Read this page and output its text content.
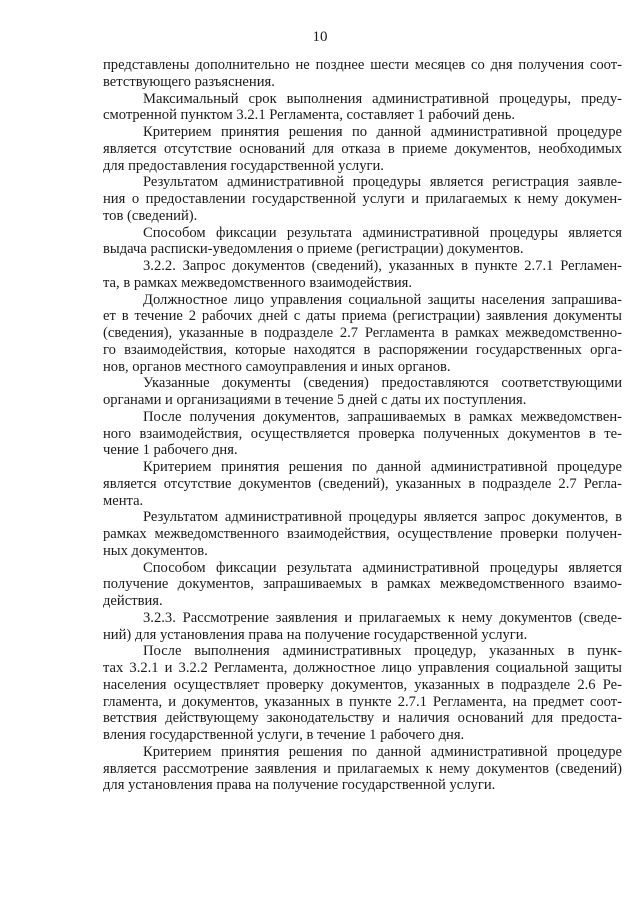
10

представлены дополнительно не позднее шести месяцев со дня получения соот-
ветствующего разъяснения.

Максимальный срок выполнения административной процедуры, преду-
смотренной пунктом 3.2.1 Регламента, составляет 1 рабочий день.

Критерием принятия решения по данной административной процедуре
является отсутствие оснований для отказа в приеме документов, необходимых
для предоставления государственной услуги.

Результатом административной процедуры является регистрация заявле-
ния о предоставлении государственной услуги и прилагаемых к нему докумен-
тов (сведений).

Способом фиксации результата административной процедуры является
выдача расписки-уведомления о приеме (регистрации) документов.

3.2.2. Запрос документов (сведений), указанных в пункте 2.7.1 Регламен-
та, в рамках межведомственного взаимодействия.

Должностное лицо управления социальной защиты населения запрашива-
ет в течение 2 рабочих дней с даты приема (регистрации) заявления документы
(сведения), указанные в подразделе 2.7 Регламента в рамках межведомственно-
го взаимодействия, которые находятся в распоряжении государственных орга-
нов, органов местного самоуправления и иных органов.

Указанные документы (сведения) предоставляются соответствующими
органами и организациями в течение 5 дней с даты их поступления.

После получения документов, запрашиваемых в рамках межведомствен-
ного взаимодействия, осуществляется проверка полученных документов в те-
чение 1 рабочего дня.

Критерием принятия решения по данной административной процедуре
является отсутствие документов (сведений), указанных в подразделе 2.7 Регла-
мента.

Результатом административной процедуры является запрос документов, в
рамках межведомственного взаимодействия, осуществление проверки получен-
ных документов.

Способом фиксации результата административной процедуры является
получение документов, запрашиваемых в рамках межведомственного взаимо-
действия.

3.2.3. Рассмотрение заявления и прилагаемых к нему документов (сведе-
ний) для установления права на получение государственной услуги.

После выполнения административных процедур, указанных в пунк-
тах 3.2.1 и 3.2.2 Регламента, должностное лицо управления социальной защиты
населения осуществляет проверку документов, указанных в подразделе 2.6 Ре-
гламента, и документов, указанных в пункте 2.7.1 Регламента, на предмет соот-
ветствия действующему законодательству и наличия оснований для предоста-
вления государственной услуги, в течение 1 рабочего дня.

Критерием принятия решения по данной административной процедуре
является рассмотрение заявления и прилагаемых к нему документов (сведений)
для установления права на получение государственной услуги.
